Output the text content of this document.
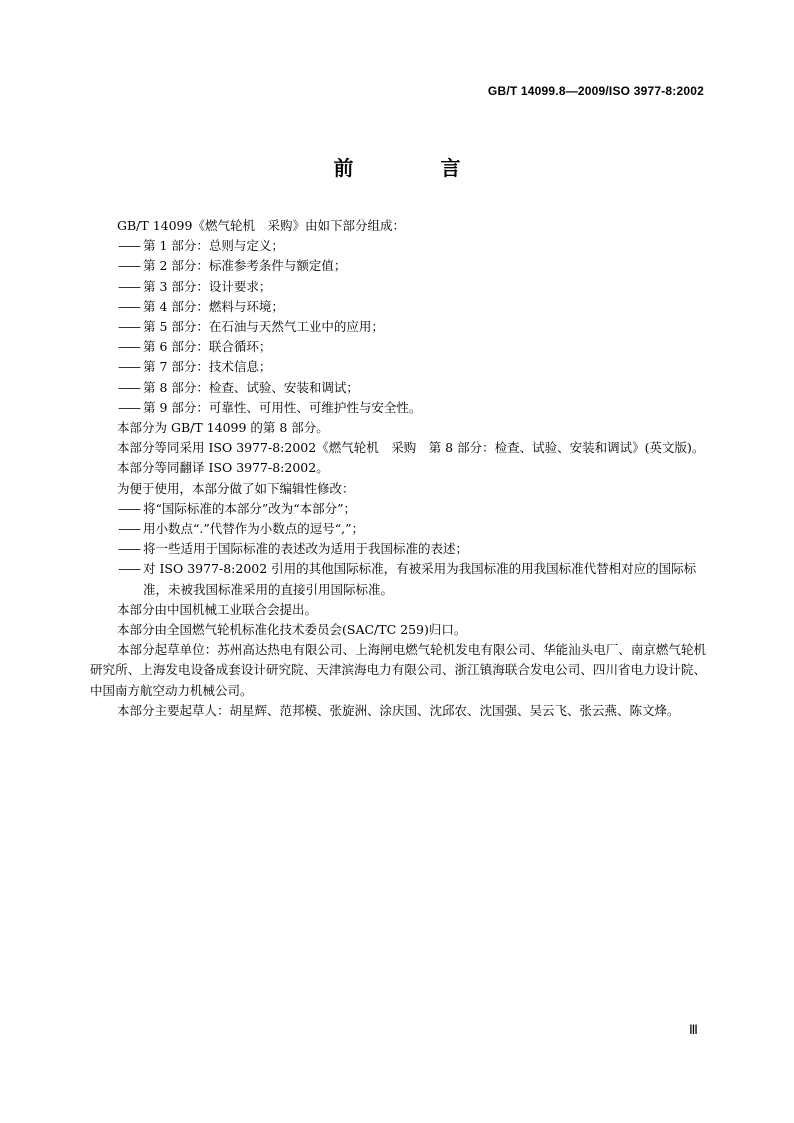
GB/T 14099.8—2009/ISO 3977-8:2002
前 言

GB/T 14099《燃气轮机　采购》由如下部分组成：

—— 第 1 部分：总则与定义；

—— 第 2 部分：标准参考条件与额定值；

—— 第 3 部分：设计要求；

—— 第 4 部分：燃料与环境；

—— 第 5 部分：在石油与天然气工业中的应用；

—— 第 6 部分：联合循环；

—— 第 7 部分：技术信息；

—— 第 8 部分：检查、试验、安装和调试；

—— 第 9 部分：可靠性、可用性、可维护性与安全性。

本部分为 GB/T 14099 的第 8 部分。

本部分等同采用 ISO 3977-8:2002《燃气轮机　采购　第 8 部分：检查、试验、安装和调试》(英文版)。

本部分等同翻译 ISO 3977-8:2002。

为便于使用，本部分做了如下编辑性修改：

—— 将“国际标准的本部分”改为“本部分”；

—— 用小数点“.”代替作为小数点的逗号“,”；

—— 将一些适用于国际标准的表述改为适用于我国标准的表述；

—— 对 ISO 3977-8:2002 引用的其他国际标准，有被采用为我国标准的用我国标准代替相对应的国际标准，未被我国标准采用的直接引用国际标准。

本部分由中国机械工业联合会提出。

本部分由全国燃气轮机标准化技术委员会(SAC/TC 259)归口。

本部分起草单位：苏州高达热电有限公司、上海闸电燃气轮机发电有限公司、华能汕头电厂、南京燃气轮机研究所、上海发电设备成套设计研究院、天津滨海电力有限公司、浙江镇海联合发电公司、四川省电力设计院、中国南方航空动力机械公司。

本部分主要起草人：胡星辉、范邦模、张旋洲、涂庆国、沈邱农、沈国强、吴云飞、张云燕、陈文烽。

Ⅲ
